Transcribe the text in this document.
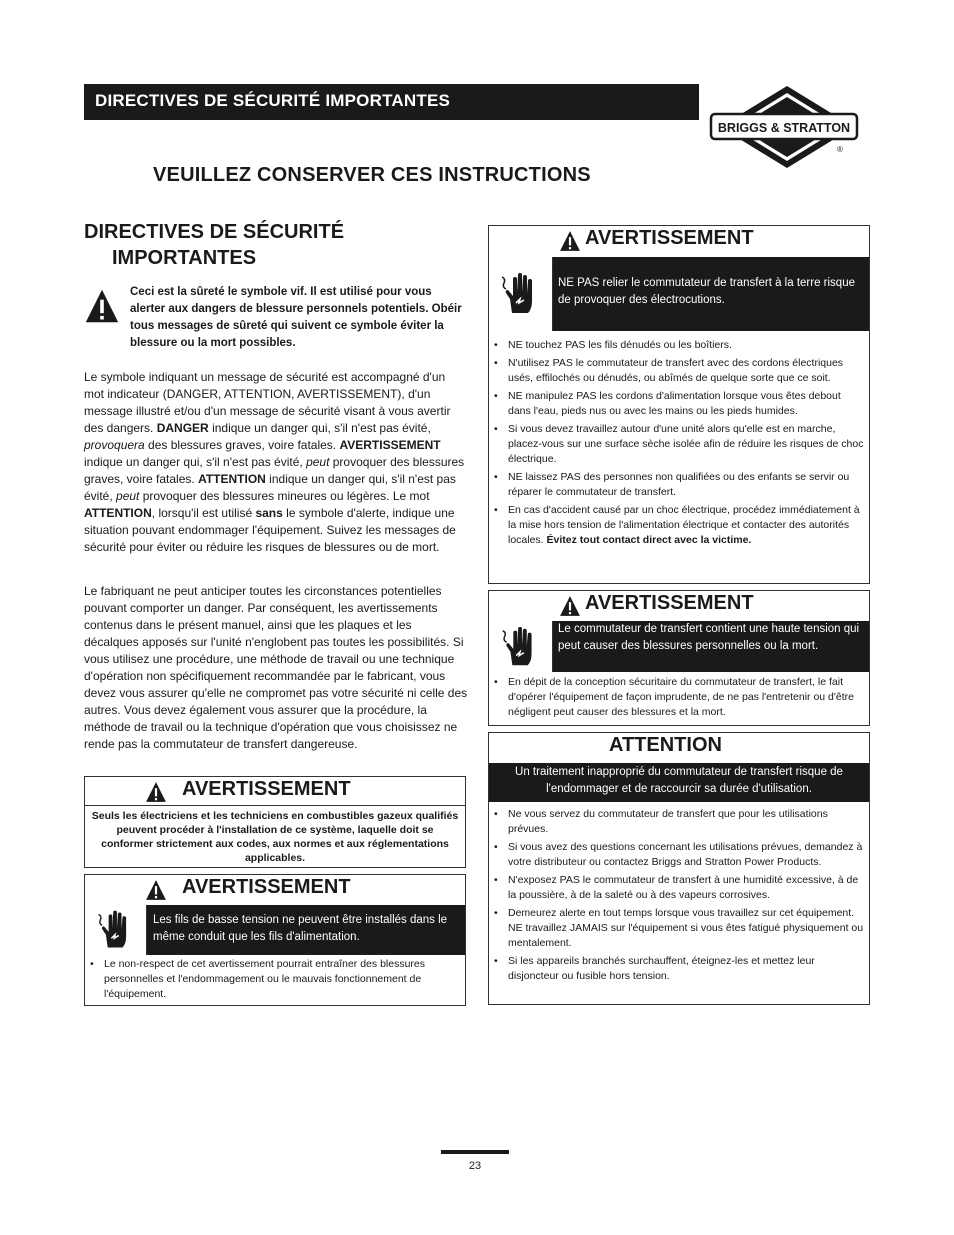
DIRECTIVES DE SÉCURITÉ IMPORTANTES
BRIGGS & STRATTON
®
VEUILLEZ CONSERVER CES INSTRUCTIONS
DIRECTIVES DE SÉCURITÉ
IMPORTANTES
Ceci est la sûreté le symbole vif. Il est utilisé pour vous alerter aux dangers de blessure personnels potentiels. Obéir tous messages de sûreté qui suivent ce symbole éviter la blessure ou la mort possibles.
Le symbole indiquant un message de sécurité est accompagné d'un mot indicateur (DANGER, ATTENTION, AVERTISSEMENT), d'un message illustré et/ou d'un message de sécurité visant à vous avertir des dangers. DANGER indique un danger qui, s'il n'est pas évité, provoquera des blessures graves, voire fatales. AVERTISSEMENT indique un danger qui, s'il n'est pas évité, peut provoquer des blessures graves, voire fatales. ATTENTION indique un danger qui, s'il n'est pas évité, peut provoquer des blessures mineures ou légères. Le mot ATTENTION, lorsqu'il est utilisé sans le symbole d'alerte, indique une situation pouvant endommager l'équipement. Suivez les messages de sécurité pour éviter ou réduire les risques de blessures ou de mort.
Le fabriquant ne peut anticiper toutes les circonstances potentielles pouvant comporter un danger. Par conséquent, les avertissements contenus dans le présent manuel, ainsi que les plaques et les décalques apposés sur l'unité n'englobent pas toutes les possibilités. Si vous utilisez une procédure, une méthode de travail ou une technique d'opération non spécifiquement recommandée par le fabricant, vous devez vous assurer qu'elle ne compromet pas votre sécurité ni celle des autres. Vous devez également vous assurer que la procédure, la méthode de travail ou la technique d'opération que vous choisissez ne rende pas la commutateur de transfert dangereuse.
AVERTISSEMENT
Seuls les électriciens et les techniciens en combustibles gazeux qualifiés peuvent procéder à l'installation de ce système, laquelle doit se conformer strictement aux codes, aux normes et aux réglementations applicables.
AVERTISSEMENT
Les fils de basse tension ne peuvent être installés dans le même conduit que les fils d'alimentation.
• Le non-respect de cet avertissement pourrait entraîner des blessures personnelles et l'endommagement ou le mauvais fonctionnement de l'équipement.
AVERTISSEMENT
NE PAS relier le commutateur de transfert à la terre risque de provoquer des électrocutions.
• NE touchez PAS les fils dénudés ou les boîtiers.
• N'utilisez PAS le commutateur de transfert avec des cordons électriques usés, effilochés ou dénudés, ou abîmés de quelque sorte que ce soit.
• NE manipulez PAS les cordons d'alimentation lorsque vous êtes debout dans l'eau, pieds nus ou avec les mains ou les pieds humides.
• Si vous devez travaillez autour d'une unité alors qu'elle est en marche, placez-vous sur une surface sèche isolée afin de réduire les risques de choc électrique.
• NE laissez PAS des personnes non qualifiées ou des enfants se servir ou réparer le commutateur de transfert.
• En cas d'accident causé par un choc électrique, procédez immédiatement à la mise hors tension de l'alimentation électrique et contacter des autorités locales. Évitez tout contact direct avec la victime.
AVERTISSEMENT
Le commutateur de transfert contient une haute tension qui peut causer des blessures personnelles ou la mort.
• En dépit de la conception sécuritaire du commutateur de transfert, le fait d'opérer l'équipement de façon imprudente, de ne pas l'entretenir ou d'être négligent peut causer des blessures et la mort.
ATTENTION
Un traitement inapproprié du commutateur de transfert risque de l'endommager et de raccourcir sa durée d'utilisation.
• Ne vous servez du commutateur de transfert que pour les utilisations prévues.
• Si vous avez des questions concernant les utilisations prévues, demandez à votre distributeur ou contactez Briggs and Stratton Power Products.
• N'exposez PAS le commutateur de transfert à une humidité excessive, à de la poussière, à de la saleté ou à des vapeurs corrosives.
• Demeurez alerte en tout temps lorsque vous travaillez sur cet équipement. NE travaillez JAMAIS sur l'équipement si vous êtes fatigué physiquement ou mentalement.
• Si les appareils branchés surchauffent, éteignez-les et mettez leur disjoncteur ou fusible hors tension.
23
